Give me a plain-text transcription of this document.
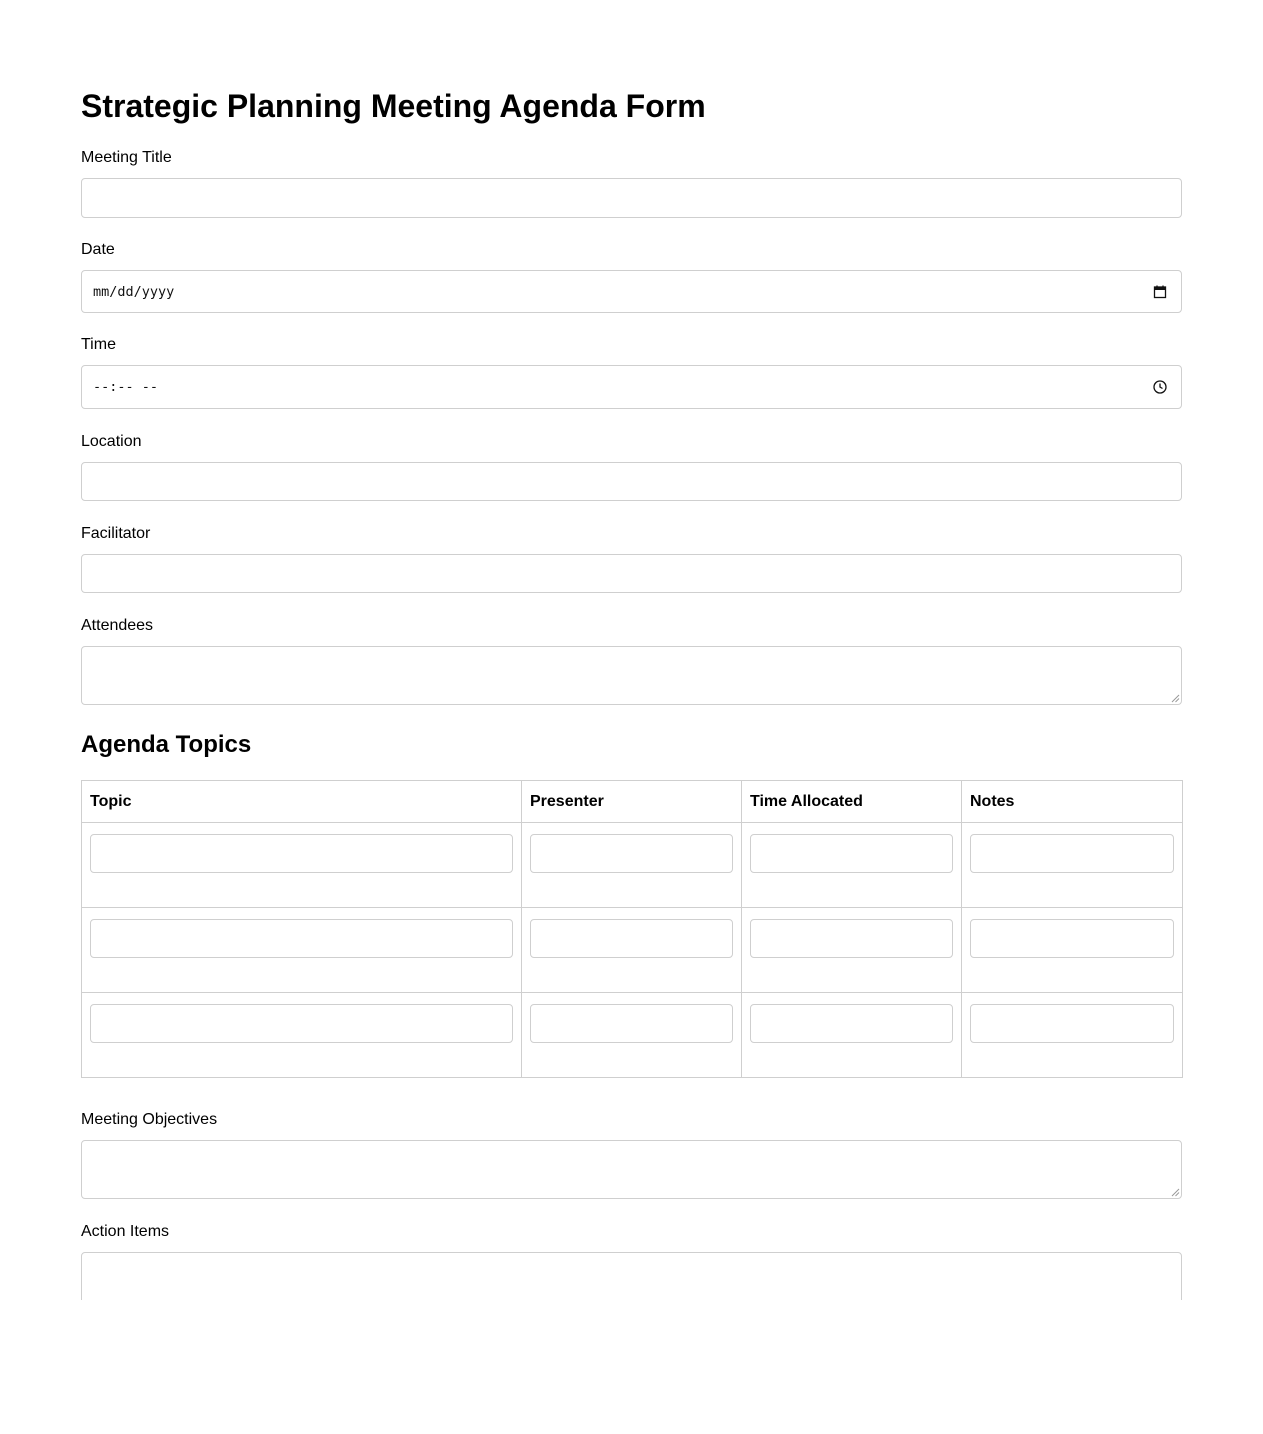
Strategic Planning Meeting Agenda Form
Meeting Title
Date
mm/dd/yyyy
Time
--:-- --
Location
Facilitator
Attendees
Agenda Topics
Topic	Presenter	Time Allocated	Notes

Meeting Objectives
Action Items
